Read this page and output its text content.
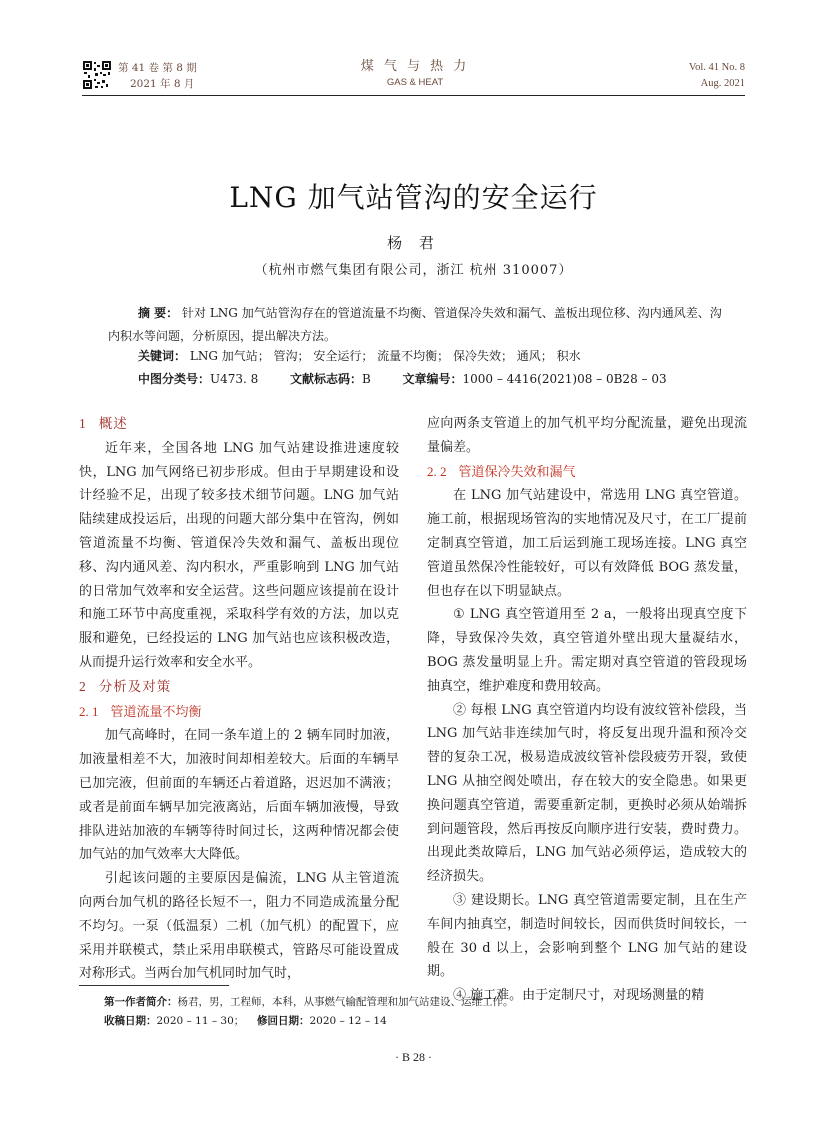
第 41 卷 第 8 期
2021 年 8 月
煤 气 与 热 力
GAS & HEAT
Vol. 41 No. 8
Aug. 2021
LNG 加气站管沟的安全运行
杨 君
（杭州市燃气集团有限公司，浙江 杭州 310007）
摘 要： 针对 LNG 加气站管沟存在的管道流量不均衡、管道保冷失效和漏气、盖板出现位移、沟内通风差、沟内积水等问题，分析原因，提出解决方法。
关键词： LNG 加气站； 管沟； 安全运行； 流量不均衡； 保冷失效； 通风； 积水
中图分类号：U473. 8	文献标志码：B	文章编号：1000 – 4416(2021)08 – 0B28 – 03
1 概述

近年来，全国各地 LNG 加气站建设推进速度较快，LNG 加气网络已初步形成。但由于早期建设和设计经验不足，出现了较多技术细节问题。LNG 加气站陆续建成投运后，出现的问题大部分集中在管沟，例如管道流量不均衡、管道保冷失效和漏气、盖板出现位移、沟内通风差、沟内积水，严重影响到 LNG 加气站的日常加气效率和安全运营。这些问题应该提前在设计和施工环节中高度重视，采取科学有效的方法，加以克服和避免，已经投运的 LNG 加气站也应该积极改造，从而提升运行效率和安全水平。

2 分析及对策
2. 1 管道流量不均衡

加气高峰时，在同一条车道上的 2 辆车同时加液，加液量相差不大，加液时间却相差较大。后面的车辆早已加完液，但前面的车辆还占着道路，迟迟加不满液；或者是前面车辆早加完液离站，后面车辆加液慢，导致排队进站加液的车辆等待时间过长，这两种情况都会使加气站的加气效率大大降低。

引起该问题的主要原因是偏流，LNG 从主管道流向两台加气机的路径长短不一，阻力不同造成流量分配不均匀。一泵（低温泵）二机（加气机）的配置下，应采用并联模式，禁止采用串联模式，管路尽可能设置成对称形式。当两台加气机同时加气时，

应向两条支管道上的加气机平均分配流量，避免出现流量偏差。

2. 2 管道保冷失效和漏气

在 LNG 加气站建设中，常选用 LNG 真空管道。施工前，根据现场管沟的实地情况及尺寸，在工厂提前定制真空管道，加工后运到施工现场连接。LNG 真空管道虽然保冷性能较好，可以有效降低 BOG 蒸发量，但也存在以下明显缺点。

① LNG 真空管道用至 2 a，一般将出现真空度下降，导致保冷失效，真空管道外壁出现大量凝结水，BOG 蒸发量明显上升。需定期对真空管道的管段现场抽真空，维护难度和费用较高。

② 每根 LNG 真空管道内均设有波纹管补偿段，当 LNG 加气站非连续加气时，将反复出现升温和预冷交替的复杂工况，极易造成波纹管补偿段疲劳开裂，致使 LNG 从抽空阀处喷出，存在较大的安全隐患。如果更换问题真空管道，需要重新定制，更换时必须从始端拆到问题管段，然后再按反向顺序进行安装，费时费力。出现此类故障后，LNG 加气站必须停运，造成较大的经济损失。

③ 建设期长。LNG 真空管道需要定制，且在生产车间内抽真空，制造时间较长，因而供货时间较长，一般在 30 d 以上，会影响到整个 LNG 加气站的建设期。

④ 施工难。由于定制尺寸，对现场测量的精

第一作者简介：杨君，男，工程师，本科，从事燃气输配管理和加气站建设、运维工作。
收稿日期：2020 – 11 – 30； 修回日期：2020 – 12 – 14
· B 28 ·
